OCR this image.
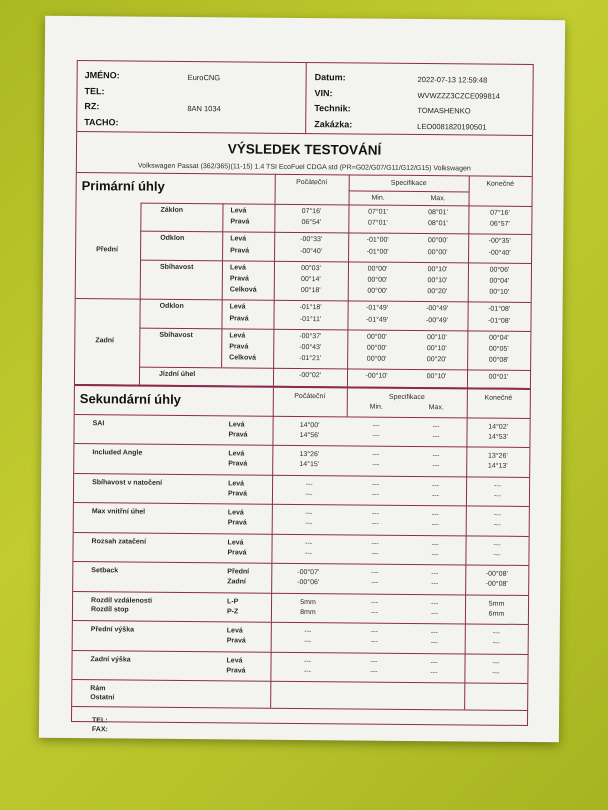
JMÉNO:	EuroCNG	Datum:	2022-07-13 12:59:48
TEL:	VIN:	WVWZZZ3CZCE099814
RZ:	8AN 1034	Technik:	TOMASHENKO
TACHO:	Zakázka:	LEO0081820190501
VÝSLEDEK TESTOVÁNÍ
Volkswagen Passat (362/365)(11-15) 1.4 TSI EcoFuel CDGA std (PR=G02/G07/G11/G12/G15) Volkswagen
Primární úhly	Počáteční	Specifikace
Min.	Max.
Konečné
Záklon	Levá	07°16'	07°01'	08°01'	07°16'
Pravá	06°54'	07°01'	08°01'	06°57'
Odklon	Levá	-00°33'	-01°00'	00°00'	-00°35'
Pravá	-00°40'	-01°00'	00°00'	-00°40'
Sbíhavost	Levá	00°03'	00°00'	00°10'	00°06'
Pravá	00°14'	00°00'	00°10'	00°04'
Celková	00°18'	00°00'	00°20'	00°10'
Přední
Odklon	Levá	-01°18'	-01°49'	-00°49'	-01°08'
Pravá	-01°11'	-01°49'	-00°49'	-01°08'
Sbíhavost	Levá	-00°37'	00°00'	00°10'	00°04'
Pravá	-00°43'	00°00'	00°10'	00°05'
Celková	-01°21'	00°00'	00°20'	00°08'
Jízdní úhel	-00°02'	-00°10'	00°10'	00°01'
Zadní
Sekundární úhly	Počáteční	Specifikace
Min.	Max.
Konečné
SAI	Levá	14°00'	---	---	14°02'
Pravá	14°56'	---	---	14°53'
Included Angle	Levá	13°26'	---	---	13°26'
Pravá	14°15'	---	---	14°13'
Sbíhavost v natočení	Levá	---	---	---	---
Pravá	---	---	---	---
Max vnitřní úhel	Levá	---	---	---	---
Pravá	---	---	---	---
Rozsah zatačení	Levá	---	---	---	---
Pravá	---	---	---	---
Setback	Přední	-00°07'	---	---	-00°08'
Zadní	-00°06'	---	---	-00°08'
Rozdíl vzdálenosti
Rozdíl stop
L-P	5mm	---	---	5mm
P-Z	8mm	---	---	6mm
Přední výška	Levá	---	---	---	---
Pravá	---	---	---	---
Zadní výška	Levá	---	---	---	---
Pravá	---	---	---	---
Rám
Ostatní
TEL:
FAX:
